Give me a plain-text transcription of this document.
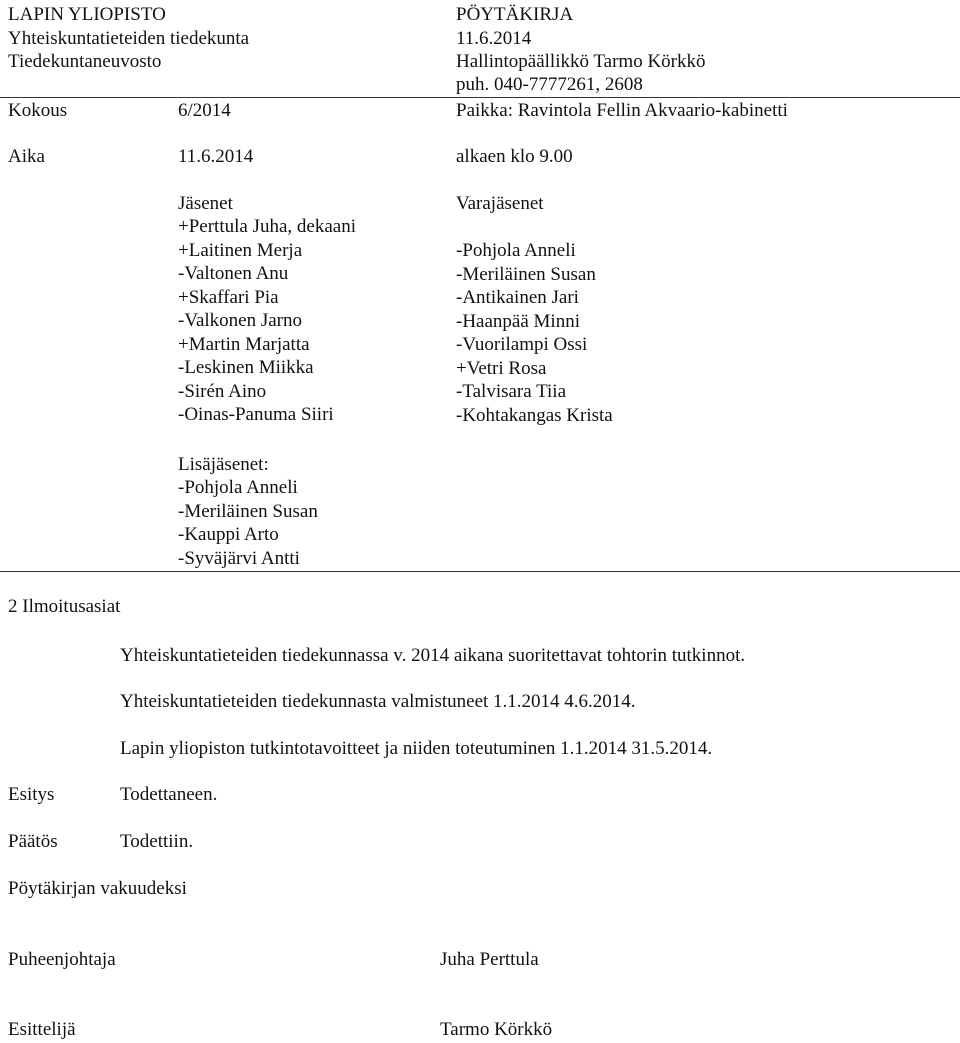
LAPIN YLIOPISTO
Yhteiskuntatieteiden tiedekunta
Tiedekuntaneuvosto
PÖYTÄKIRJA
11.6.2014
Hallintopäällikkö Tarmo Körkkö
puh. 040-7777261, 2608
Kokous	6/2014	Paikka: Ravintola Fellin Akvaario-kabinetti
Aika	11.6.2014	alkaen klo 9.00
Jäsenet
+Perttula Juha, dekaani
+Laitinen Merja
-Valtonen Anu
+Skaffari Pia
-Valkonen Jarno
+Martin Marjatta
-Leskinen Miikka
-Sirén Aino
-Oinas-Panuma Siiri
Varajäsenet
-Pohjola Anneli
-Meriläinen Susan
-Antikainen Jari
-Haanpää Minni
-Vuorilampi Ossi
+Vetri Rosa
-Talvisara Tiia
-Kohtakangas Krista
Lisäjäsenet:
-Pohjola Anneli
-Meriläinen Susan
-Kauppi Arto
-Syväjärvi Antti
2 Ilmoitusasiat
Yhteiskuntatieteiden tiedekunnassa v. 2014 aikana suoritettavat tohtorin tutkinnot.
Yhteiskuntatieteiden tiedekunnasta valmistuneet 1.1.2014 4.6.2014.
Lapin yliopiston tutkintotavoitteet ja niiden toteutuminen 1.1.2014 31.5.2014.
Esitys	Todettaneen.
Päätös	Todettiin.
Pöytäkirjan vakuudeksi
Puheenjohtaja	Juha Perttula
Esittelijä	Tarmo Körkkö
